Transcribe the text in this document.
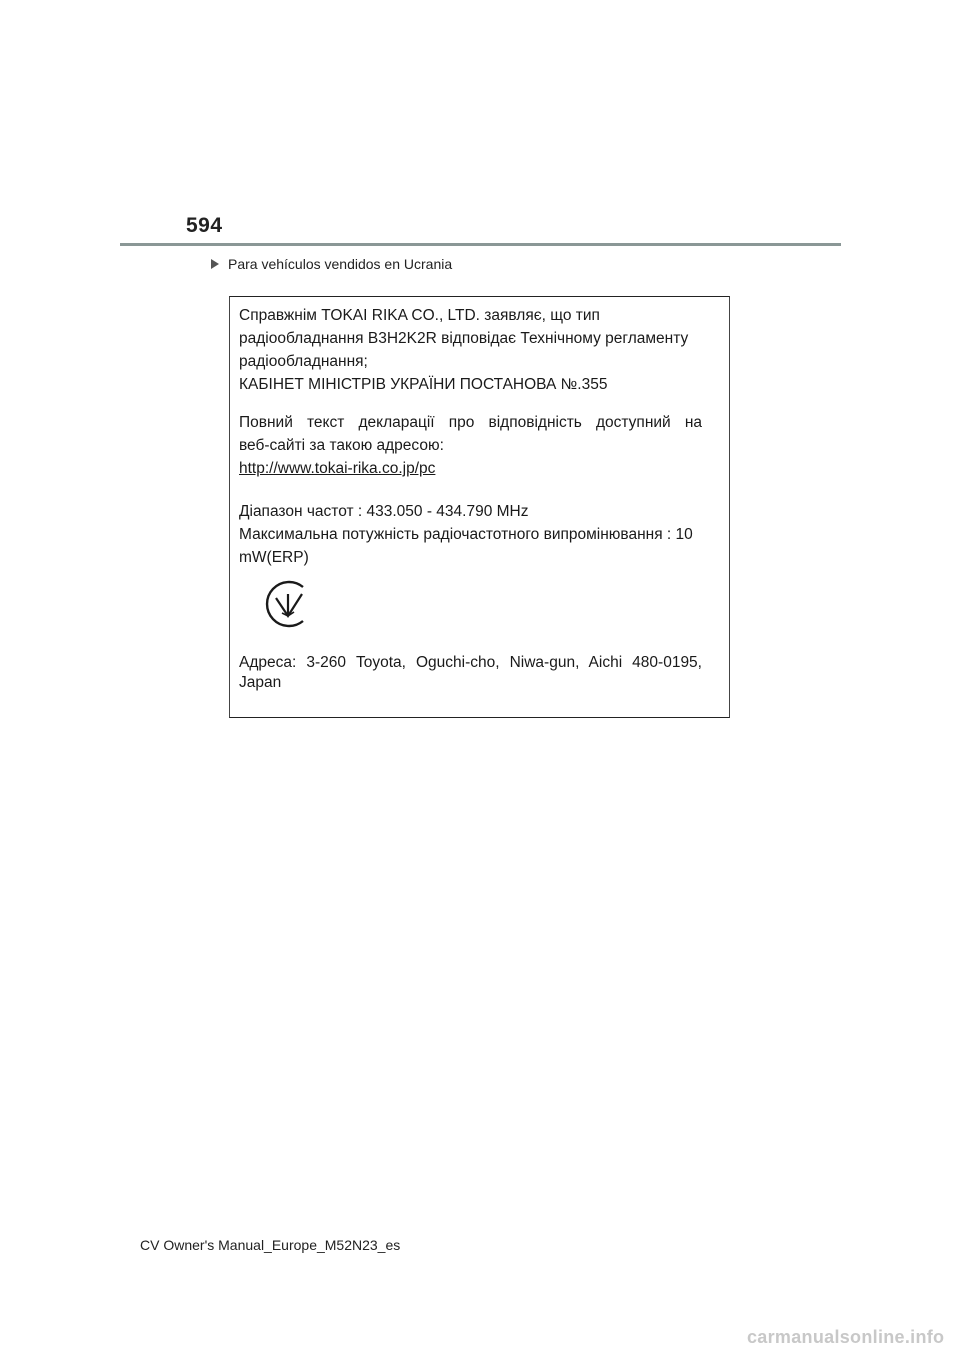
594
Para vehículos vendidos en Ucrania
Справжнім TOKAI RIKA CO., LTD. заявляє, що тип
радіообладнання B3H2K2R відповідає Технічному регламенту
радіообладнання;
КАБІНЕТ МІНІСТРІВ УКРАЇНИ ПОСТАНОВА №.355
Повний текст декларації про відповідність доступний на
веб-сайті за такою адресою:
http://www.tokai-rika.co.jp/pc
Діапазон частот : 433.050 - 434.790 MHz
Максимальна потужність радіочастотного випромінювання : 10
mW(ERP)
Адреса: 3-260 Toyota, Oguchi-cho, Niwa-gun, Aichi 480-0195,
Japan
CV Owner's Manual_Europe_M52N23_es
carmanualsonline.info
